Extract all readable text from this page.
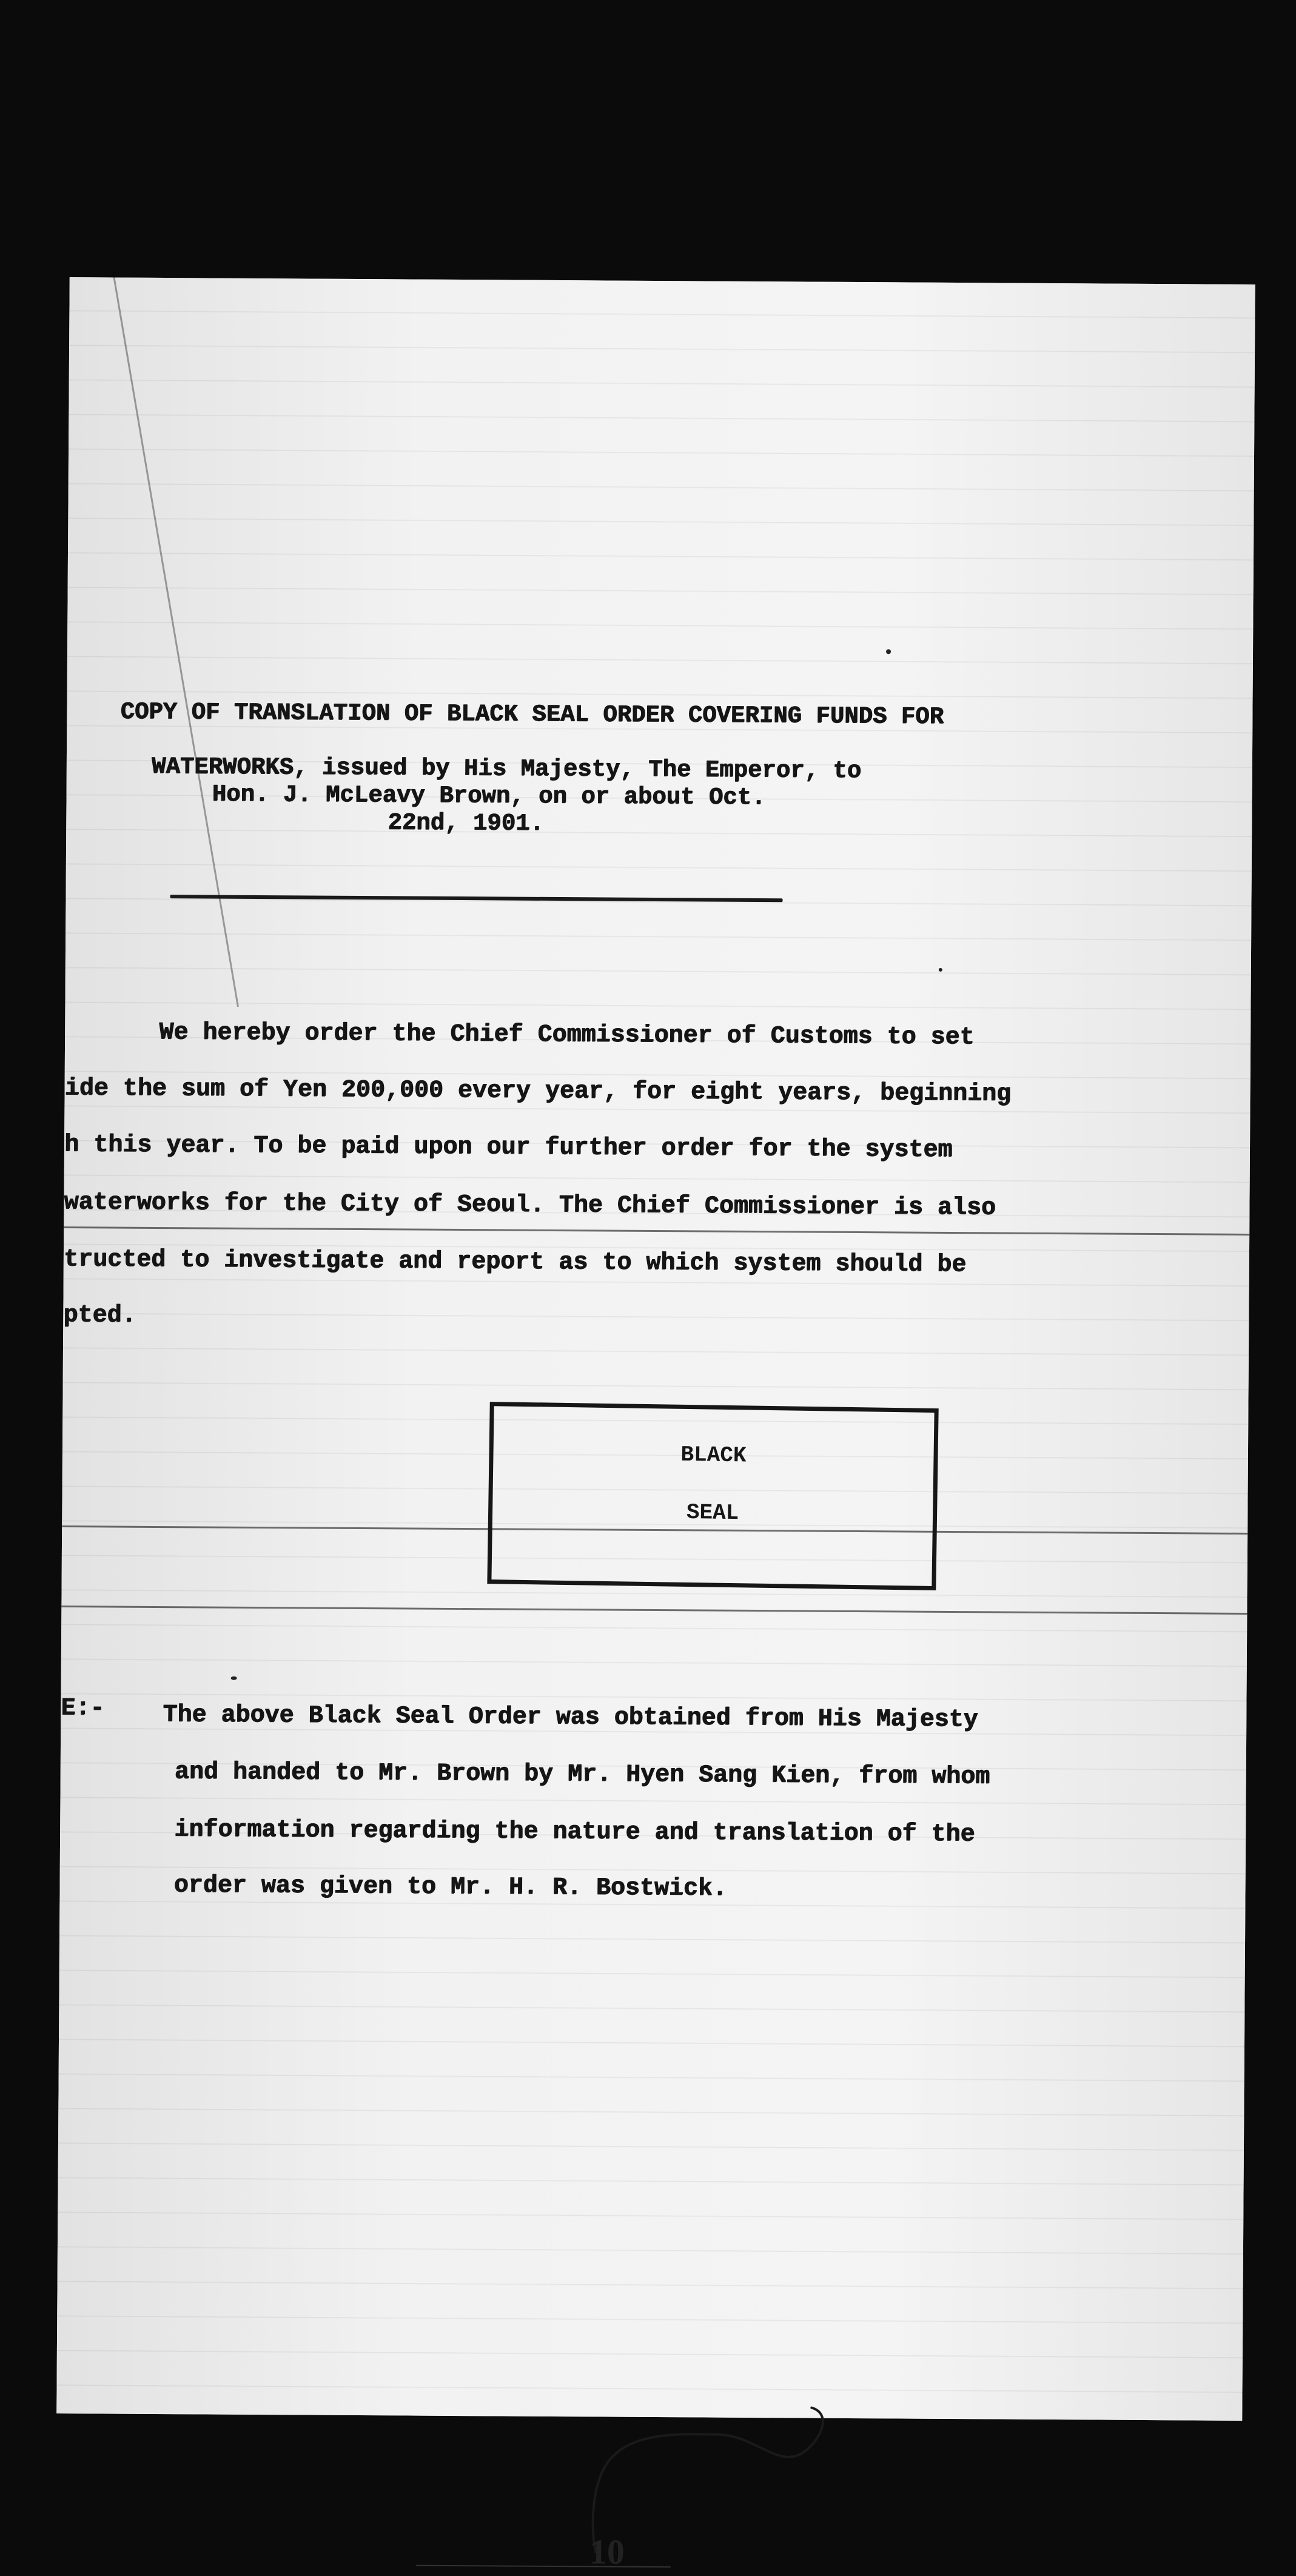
COPY OF TRANSLATION OF BLACK SEAL ORDER COVERING FUNDS FOR
WATERWORKS, issued by His Majesty, The Emperor, to
Hon. J. McLeavy Brown, on or about Oct.
22nd, 1901.
We hereby order the Chief Commissioner of Customs to set
ide the sum of Yen 200,000 every year, for eight years, beginning
h this year. To be paid upon our further order for the system
waterworks for the City of Seoul. The Chief Commissioner is also
tructed to investigate and report as to which system should be
pted.
BLACK
SEAL
E:- The above Black Seal Order was obtained from His Majesty
and handed to Mr. Brown by Mr. Hyen Sang Kien, from whom
information regarding the nature and translation of the
order was given to Mr. H. R. Bostwick.
10
